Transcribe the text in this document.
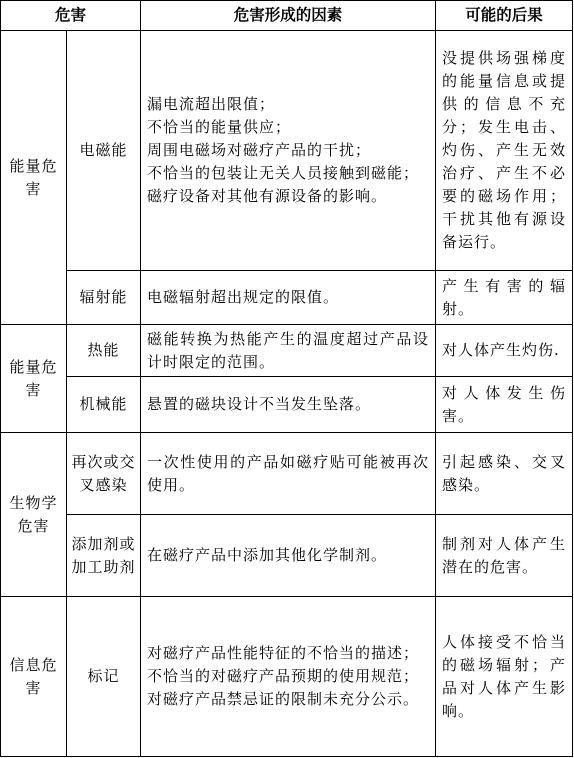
危害		危害形成的因素	可能的后果
能量危害	电磁能	漏电流超出限值；
不恰当的能量供应；
周围电磁场对磁疗产品的干扰；
不恰当的包装让无关人员接触到磁能；
磁疗设备对其他有源设备的影响。	没提供场强梯度的能量信息或提供的信息不充分；发生电击、灼伤、产生无效治疗、产生不必要的磁场作用；干扰其他有源设备运行。
	辐射能	电磁辐射超出规定的限值。	产生有害的辐射。
能量危害	热能	磁能转换为热能产生的温度超过产品设计时限定的范围。	对人体产生灼伤.
	机械能	悬置的磁块设计不当发生坠落。	对人体发生伤害。
生物学危害	再次或交叉感染	一次性使用的产品如磁疗贴可能被再次使用。	引起感染、交叉感染。
	添加剂或加工助剂	在磁疗产品中添加其他化学制剂。	制剂对人体产生潜在的危害。
信息危害	标记	对磁疗产品性能特征的不恰当的描述；
不恰当的对磁疗产品预期的使用规范；
对磁疗产品禁忌证的限制未充分公示。	人体接受不恰当的磁场辐射；产品对人体产生影响。
